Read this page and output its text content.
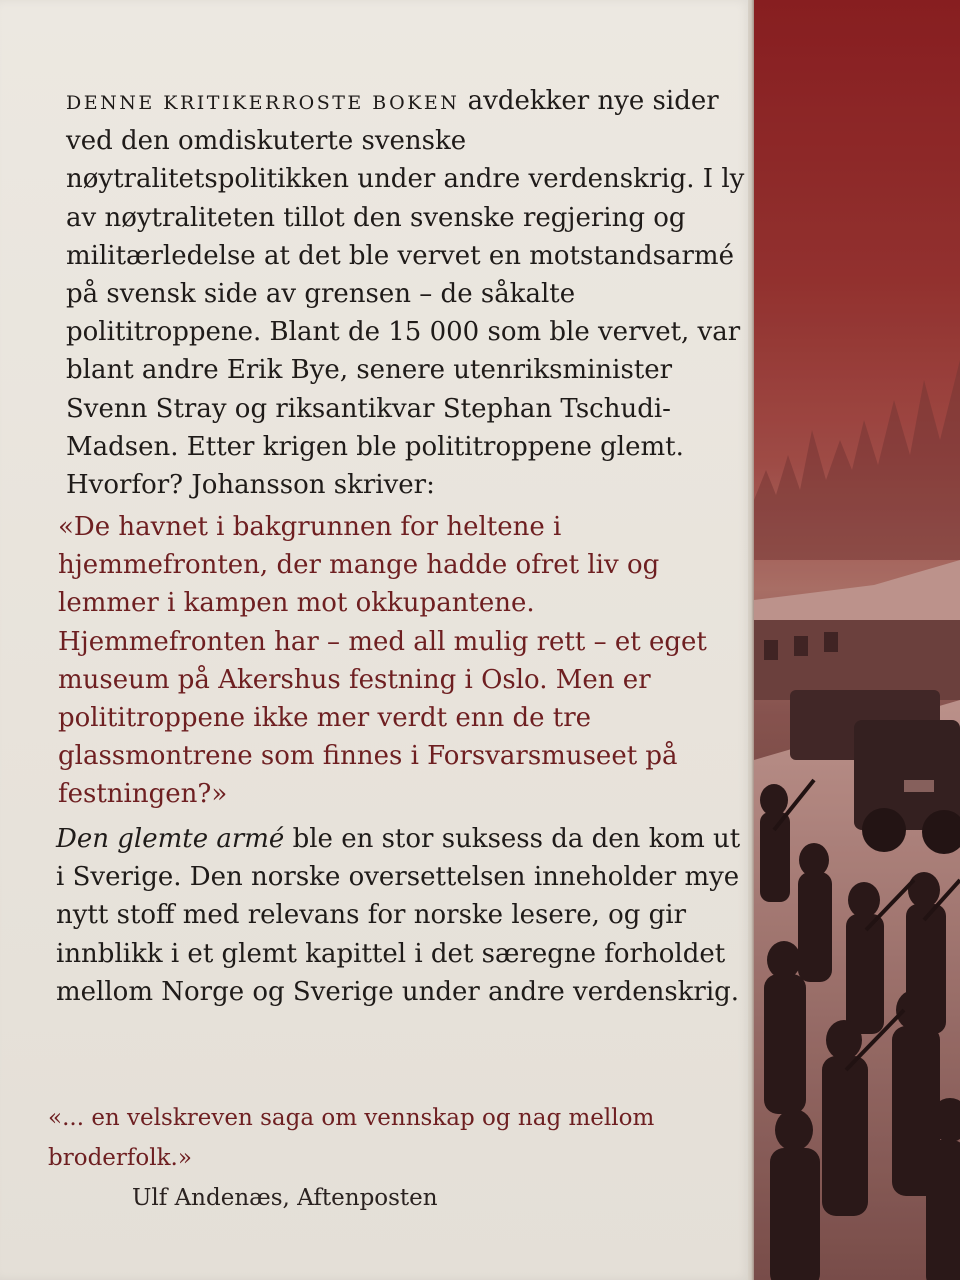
DENNE KRITIKERROSTE BOKEN avdekker nye sider ved den omdiskuterte svenske nøytralitetspolitikken under andre verdenskrig. I ly av nøytraliteten tillot den svenske regjering og militærledelse at det ble vervet en motstandsarmé på svensk side av grensen – de såkalte polititroppene. Blant de 15 000 som ble vervet, var blant andre Erik Bye, senere utenriksminister Svenn Stray og riksantikvar Stephan Tschudi-Madsen. Etter krigen ble polititroppene glemt. Hvorfor? Johansson skriver:

«De havnet i bakgrunnen for heltene i hjemmefronten, der mange hadde ofret liv og lemmer i kampen mot okkupantene. Hjemmefronten har – med all mulig rett – et eget museum på Akershus festning i Oslo. Men er polititroppene ikke mer verdt enn de tre glassmontrene som finnes i Forsvarsmuseet på festningen?»

Den glemte armé ble en stor suksess da den kom ut i Sverige. Den norske oversettelsen inneholder mye nytt stoff med relevans for norske lesere, og gir innblikk i et glemt kapittel i det særegne forholdet mellom Norge og Sverige under andre verdenskrig.

«... en velskreven saga om vennskap og nag mellom broderfolk.»
Ulf Andenæs, Aftenposten
